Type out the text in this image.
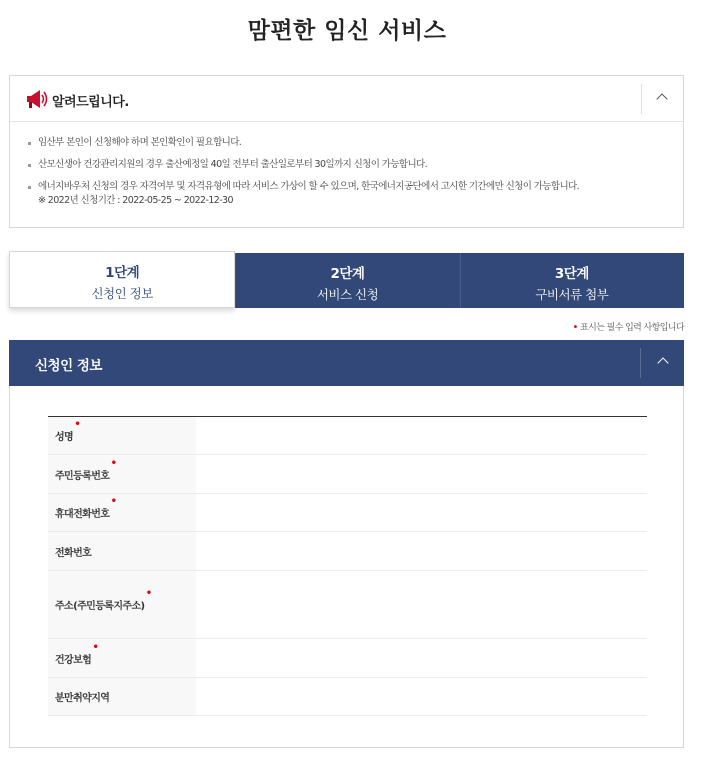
맘편한 임신 서비스
알려드립니다.
임산부 본인이 신청해야 하며 본인확인이 필요합니다.
산모신생아 건강관리지원의 경우 출산예정일 40일 전부터 출산일로부터 30일까지 신청이 가능합니다.
에너지바우처 신청의 경우 자격여부 및 자격유형에 따라 서비스 가상이 할 수 있으며, 한국에너지공단에서 고시한 기간에만 신청이 가능합니다.
※ 2022년 신청기간 : 2022-05-25 ~ 2022-12-30
1단계
신청인 정보
2단계
서비스 신청
3단계
구비서류 첨부
• 표시는 필수 입력 사항입니다
신청인 정보
성명
•
주민등록번호
•
휴대전화번호
•
전화번호
주소(주민등록지주소)
•
건강보험
•
분만취약지역
